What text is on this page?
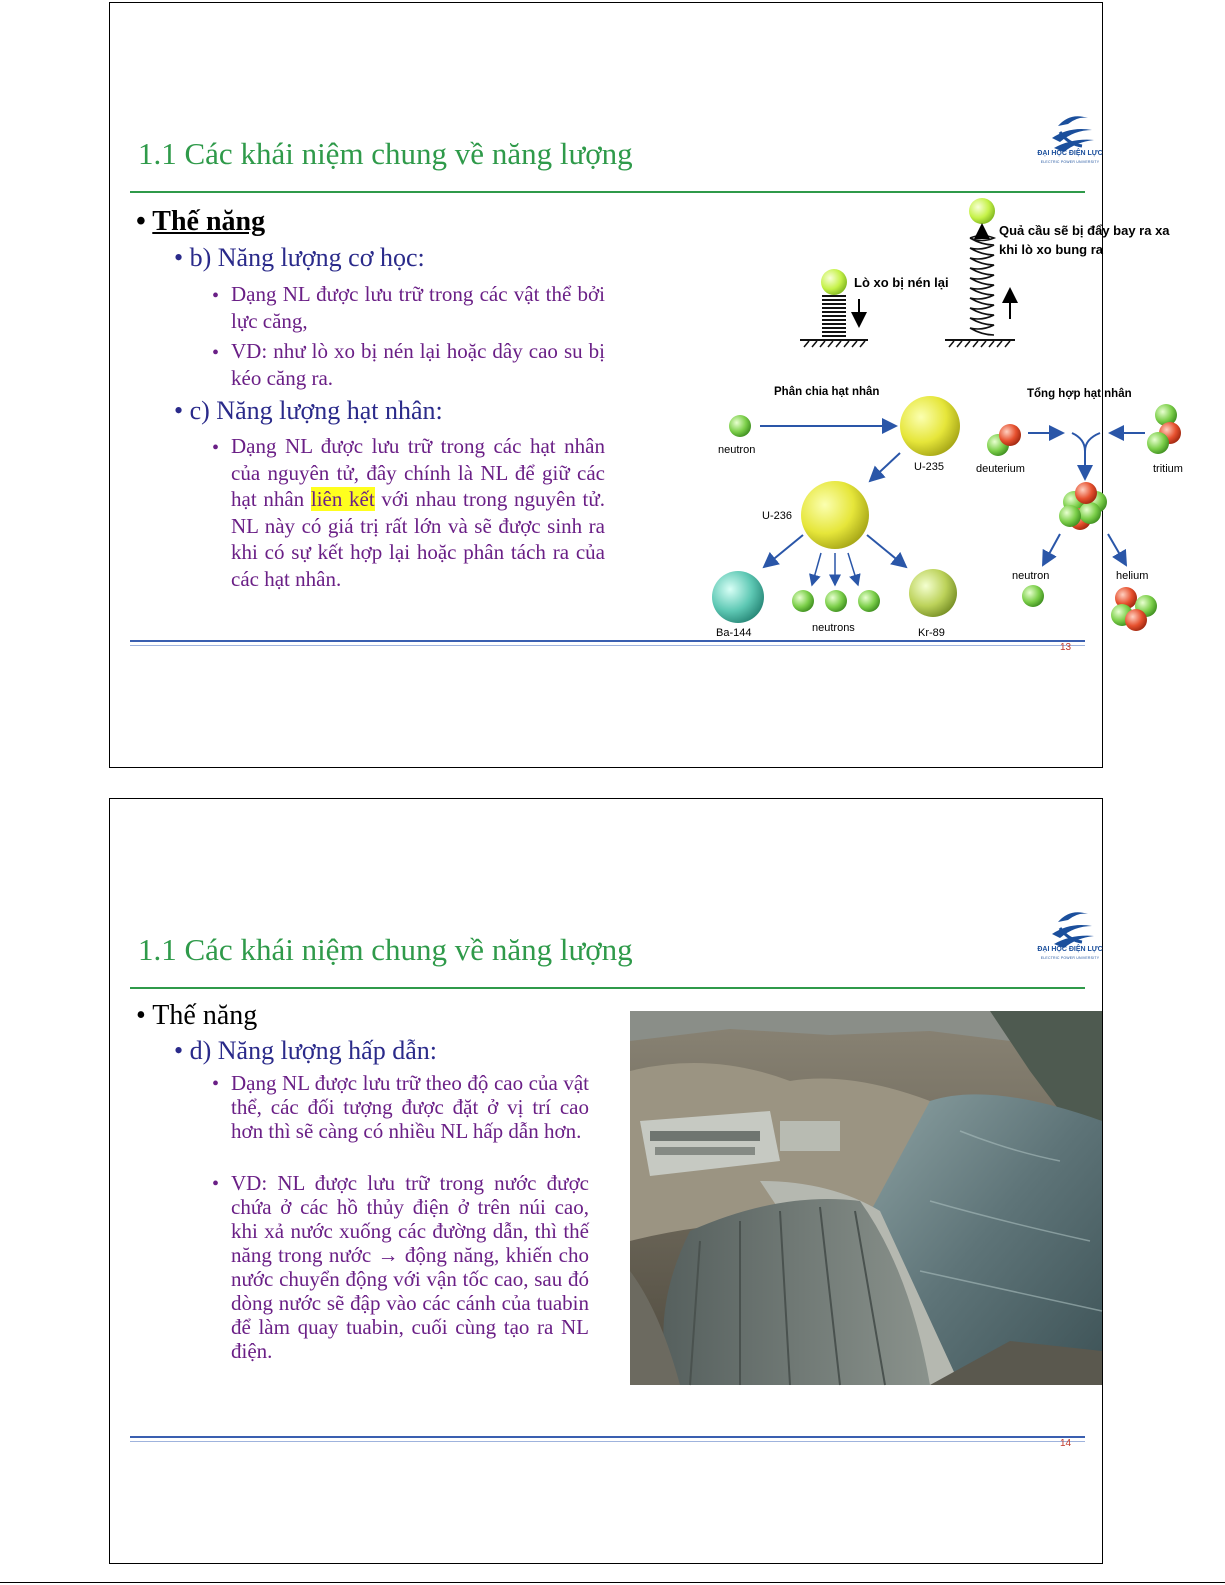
1.1 Các khái niệm chung về năng lượng	ĐẠI HỌC ĐIỆN LỰC
ELECTRIC POWER UNIVERSITY
• Thế năng
• b) Năng lượng cơ học:
• Dạng NL được lưu trữ trong các vật thể bởi lực căng,
• VD: như lò xo bị nén lại hoặc dây cao su bị kéo căng ra.
• c) Năng lượng hạt nhân:
• Dạng NL được lưu trữ trong các hạt nhân của nguyên tử, đây chính là NL để giữ các hạt nhân liên kết với nhau trong nguyên tử. NL này có giá trị rất lớn và sẽ được sinh ra khi có sự kết hợp lại hoặc phân tách ra của các hạt nhân.
Lò xo bị nén lại
Quả cầu sẽ bị đẩy bay ra xa
khi lò xo bung ra
Phân chia hạt nhân	Tổng hợp hạt nhân
neutron
U-235
U-236
Ba-144	neutrons	Kr-89
deuterium	tritium
neutron	helium
13
1.1 Các khái niệm chung về năng lượng	ĐẠI HỌC ĐIỆN LỰC
ELECTRIC POWER UNIVERSITY
• Thế năng
• d) Năng lượng hấp dẫn:
• Dạng NL được lưu trữ theo độ cao của vật thể, các đối tượng được đặt ở vị trí cao hơn thì sẽ càng có nhiều NL hấp dẫn hơn.
• VD: NL được lưu trữ trong nước được chứa ở các hồ thủy điện ở trên núi cao, khi xả nước xuống các đường dẫn, thì thế năng trong nước → động năng, khiến cho nước chuyển động với vận tốc cao, sau đó dòng nước sẽ đập vào các cánh của tuabin để làm quay tuabin, cuối cùng tạo ra NL điện.
14
